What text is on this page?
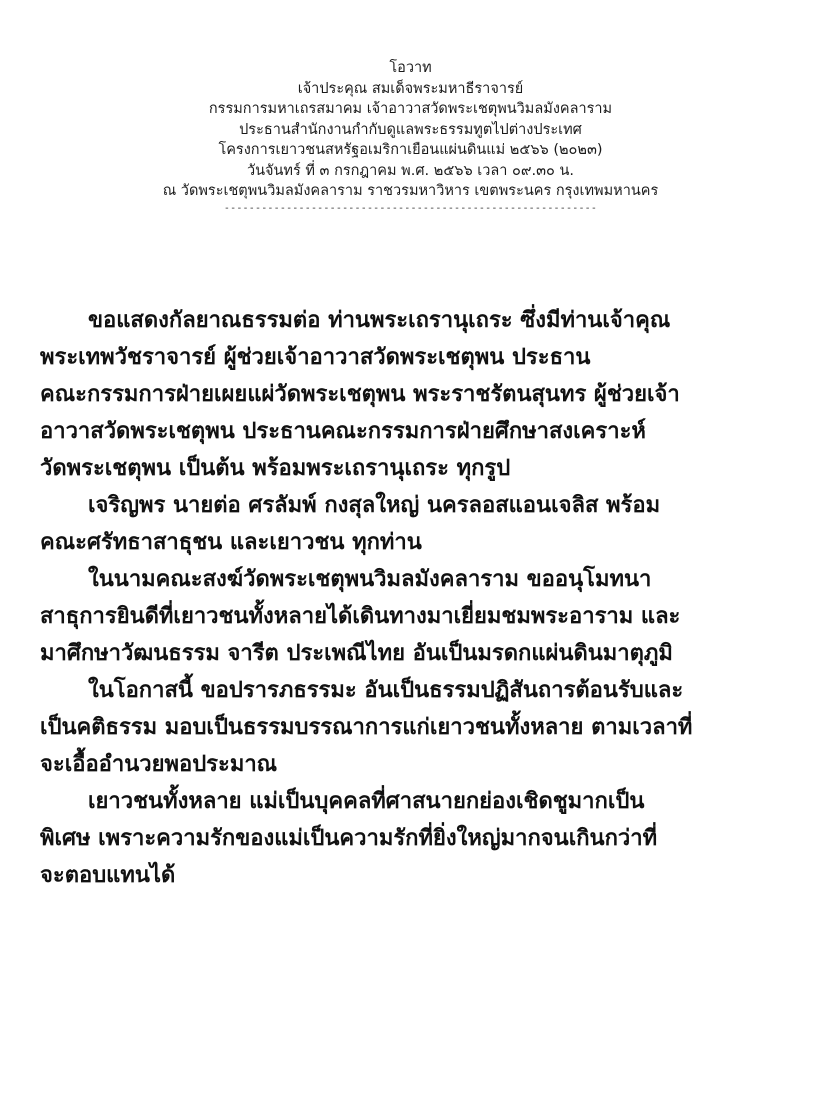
โอวาท
เจ้าประคุณ สมเด็จพระมหาธีราจารย์
กรรมการมหาเถรสมาคม เจ้าอาวาสวัดพระเชตุพนวิมลมังคลาราม
ประธานสำนักงานกำกับดูแลพระธรรมทูตไปต่างประเทศ
โครงการเยาวชนสหรัฐอเมริกาเยือนแผ่นดินแม่ ๒๕๖๖ (๒๐๒๓)
วันจันทร์ ที่ ๓ กรกฎาคม พ.ศ. ๒๕๖๖ เวลา ๐๙.๓๐ น.
ณ วัดพระเชตุพนวิมลมังคลาราม ราชวรมหาวิหาร เขตพระนคร กรุงเทพมหานคร
------------------------------------------------------------
ขอแสดงกัลยาณธรรมต่อ ท่านพระเถรานุเถระ ซึ่งมีท่านเจ้าคุณ
พระเทพวัชราจารย์ ผู้ช่วยเจ้าอาวาสวัดพระเชตุพน ประธาน
คณะกรรมการฝ่ายเผยแผ่วัดพระเชตุพน พระราชรัตนสุนทร ผู้ช่วยเจ้า
อาวาสวัดพระเชตุพน ประธานคณะกรรมการฝ่ายศึกษาสงเคราะห์
วัดพระเชตุพน เป็นต้น พร้อมพระเถรานุเถระ ทุกรูป
เจริญพร นายต่อ ศรลัมพ์ กงสุลใหญ่ นครลอสแอนเจลิส พร้อม
คณะศรัทธาสาธุชน และเยาวชน ทุกท่าน
ในนามคณะสงฆ์วัดพระเชตุพนวิมลมังคลาราม ขออนุโมทนา
สาธุการยินดีที่เยาวชนทั้งหลายได้เดินทางมาเยี่ยมชมพระอาราม และ
มาศึกษาวัฒนธรรม จารีต ประเพณีไทย อันเป็นมรดกแผ่นดินมาตุภูมิ
ในโอกาสนี้ ขอปรารภธรรมะ อันเป็นธรรมปฏิสันถารต้อนรับและ
เป็นคติธรรม มอบเป็นธรรมบรรณาการแก่เยาวชนทั้งหลาย ตามเวลาที่
จะเอื้ออำนวยพอประมาณ
เยาวชนทั้งหลาย แม่เป็นบุคคลที่ศาสนายกย่องเชิดชูมากเป็น
พิเศษ เพราะความรักของแม่เป็นความรักที่ยิ่งใหญ่มากจนเกินกว่าที่
จะตอบแทนได้
